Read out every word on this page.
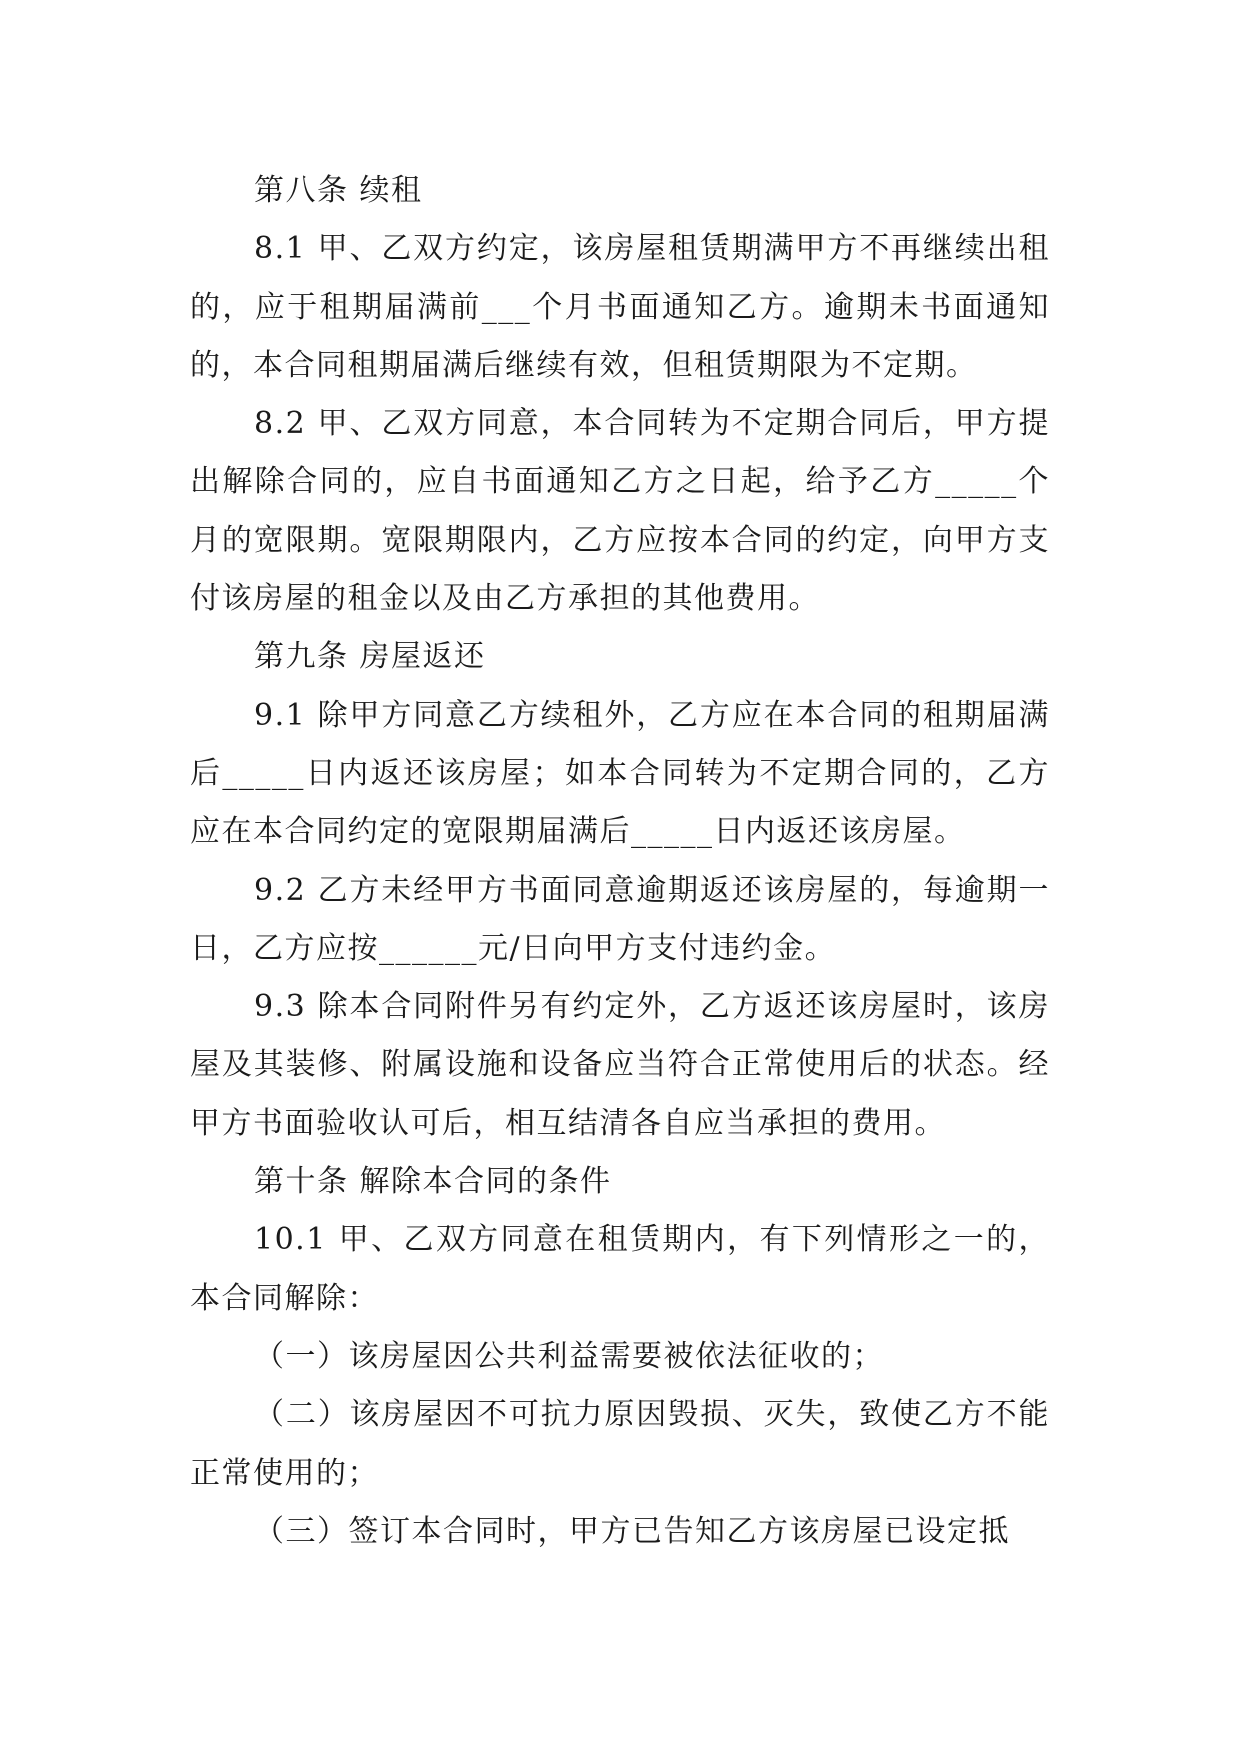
第八条 续租

8.1 甲、乙双方约定，该房屋租赁期满甲方不再继续出租的，应于租期届满前___个月书面通知乙方。逾期未书面通知的，本合同租期届满后继续有效，但租赁期限为不定期。

8.2 甲、乙双方同意，本合同转为不定期合同后，甲方提出解除合同的，应自书面通知乙方之日起，给予乙方_____个月的宽限期。宽限期限内，乙方应按本合同的约定，向甲方支付该房屋的租金以及由乙方承担的其他费用。

第九条 房屋返还

9.1 除甲方同意乙方续租外，乙方应在本合同的租期届满后_____日内返还该房屋；如本合同转为不定期合同的，乙方应在本合同约定的宽限期届满后_____日内返还该房屋。

9.2 乙方未经甲方书面同意逾期返还该房屋的，每逾期一日，乙方应按______元/日向甲方支付违约金。

9.3 除本合同附件另有约定外，乙方返还该房屋时，该房屋及其装修、附属设施和设备应当符合正常使用后的状态。经甲方书面验收认可后，相互结清各自应当承担的费用。

第十条 解除本合同的条件

10.1 甲、乙双方同意在租赁期内，有下列情形之一的，本合同解除：

（一）该房屋因公共利益需要被依法征收的；

（二）该房屋因不可抗力原因毁损、灭失，致使乙方不能正常使用的；

（三）签订本合同时，甲方已告知乙方该房屋已设定抵
